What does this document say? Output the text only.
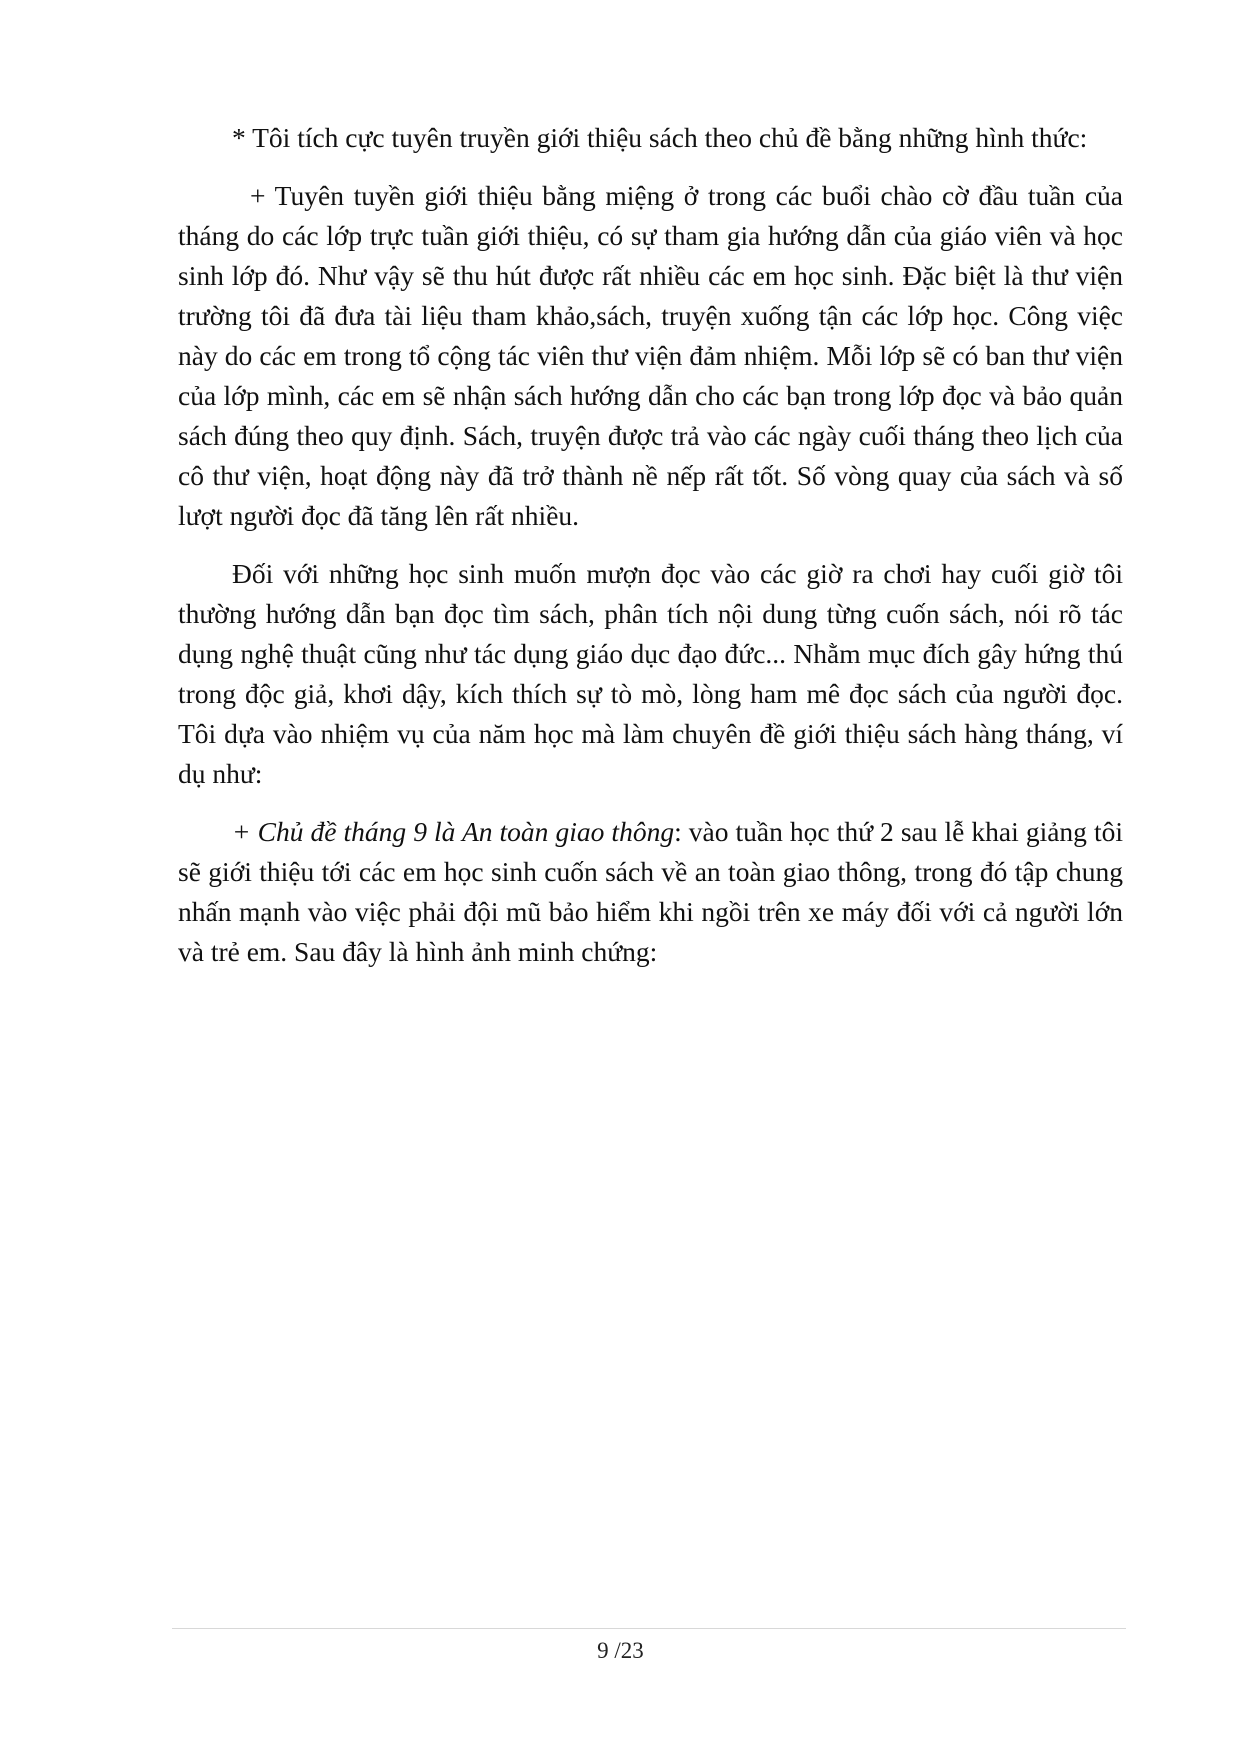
* Tôi tích cực tuyên truyền giới thiệu sách theo chủ đề bằng những hình thức:

+ Tuyên tuyền giới thiệu bằng miệng ở trong các buổi chào cờ đầu tuần của tháng do các lớp trực tuần giới thiệu, có sự tham gia hướng dẫn của giáo viên và học sinh lớp đó. Như vậy sẽ thu hút được rất nhiều các em học sinh. Đặc biệt là thư viện trường tôi đã đưa tài liệu tham khảo,sách, truyện xuống tận các lớp học. Công việc này do các em trong tổ cộng tác viên thư viện đảm nhiệm. Mỗi lớp sẽ có ban thư viện của lớp mình, các em sẽ nhận sách hướng dẫn cho các bạn trong lớp đọc và bảo quản sách đúng theo quy định. Sách, truyện được trả vào các ngày cuối tháng theo lịch của cô thư viện, hoạt động này đã trở thành nề nếp rất tốt. Số vòng quay của sách và số lượt người đọc đã tăng lên rất nhiều.

Đối với những học sinh muốn mượn đọc vào các giờ ra chơi hay cuối giờ tôi thường hướng dẫn bạn đọc tìm sách, phân tích nội dung từng cuốn sách, nói rõ tác dụng nghệ thuật cũng như tác dụng giáo dục đạo đức... Nhằm mục đích gây hứng thú trong độc giả, khơi dậy, kích thích sự tò mò, lòng ham mê đọc sách của người đọc. Tôi dựa vào nhiệm vụ của năm học mà làm chuyên đề giới thiệu sách hàng tháng, ví dụ như:

+ Chủ đề tháng 9 là An toàn giao thông: vào tuần học thứ 2 sau lễ khai giảng tôi sẽ giới thiệu tới các em học sinh cuốn sách về an toàn giao thông, trong đó tập chung nhấn mạnh vào việc phải đội mũ bảo hiểm khi ngồi trên xe máy đối với cả người lớn và trẻ em. Sau đây là hình ảnh minh chứng:

9 /23
